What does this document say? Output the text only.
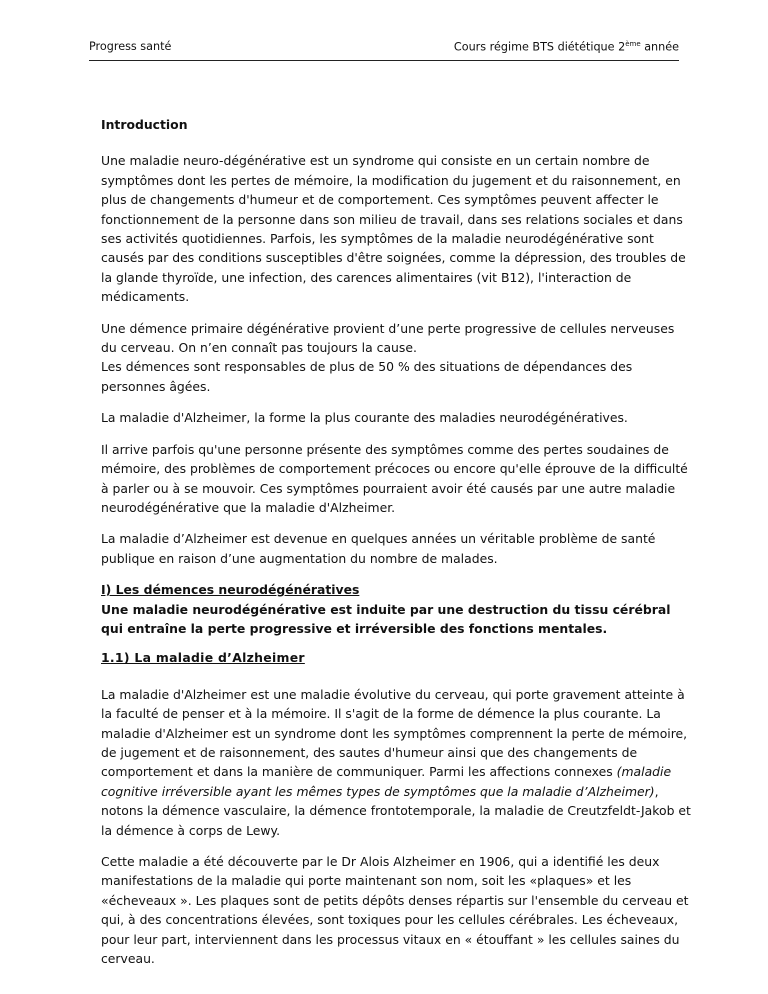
Progress santé	Cours régime BTS diététique 2ème année

Introduction

Une maladie neuro-dégénérative est un syndrome qui consiste en un certain nombre de symptômes dont les pertes de mémoire, la modification du jugement et du raisonnement, en plus de changements d'humeur et de comportement. Ces symptômes peuvent affecter le fonctionnement de la personne dans son milieu de travail, dans ses relations sociales et dans ses activités quotidiennes. Parfois, les symptômes de la maladie neurodégénérative sont causés par des conditions susceptibles d'être soignées, comme la dépression, des troubles de la glande thyroïde, une infection, des carences alimentaires (vit B12), l'interaction de médicaments.

Une démence primaire dégénérative provient d’une perte progressive de cellules nerveuses du cerveau. On n’en connaît pas toujours la cause.
Les démences sont responsables de plus de 50 % des situations de dépendances des personnes âgées.

La maladie d'Alzheimer, la forme la plus courante des maladies neurodégénératives.

Il arrive parfois qu'une personne présente des symptômes comme des pertes soudaines de mémoire, des problèmes de comportement précoces ou encore qu'elle éprouve de la difficulté à parler ou à se mouvoir. Ces symptômes pourraient avoir été causés par une autre maladie neurodégénérative que la maladie d'Alzheimer.

La maladie d’Alzheimer est devenue en quelques années un véritable problème de santé publique en raison d’une augmentation du nombre de malades.

I) Les démences neurodégénératives
Une maladie neurodégénérative est induite par une destruction du tissu cérébral qui entraîne la perte progressive et irréversible des fonctions mentales.

1.1) La maladie d’Alzheimer

La maladie d'Alzheimer est une maladie évolutive du cerveau, qui porte gravement atteinte à la faculté de penser et à la mémoire. Il s'agit de la forme de démence la plus courante. La maladie d'Alzheimer est un syndrome dont les symptômes comprennent la perte de mémoire, de jugement et de raisonnement, des sautes d'humeur ainsi que des changements de comportement et dans la manière de communiquer. Parmi les affections connexes (maladie cognitive irréversible ayant les mêmes types de symptômes que la maladie d’Alzheimer), notons la démence vasculaire, la démence frontotemporale, la maladie de Creutzfeldt-Jakob et la démence à corps de Lewy.

Cette maladie a été découverte par le Dr Alois Alzheimer en 1906, qui a identifié les deux manifestations de la maladie qui porte maintenant son nom, soit les «plaques» et les «écheveaux ». Les plaques sont de petits dépôts denses répartis sur l'ensemble du cerveau et qui, à des concentrations élevées, sont toxiques pour les cellules cérébrales. Les écheveaux, pour leur part, interviennent dans les processus vitaux en « étouffant » les cellules saines du cerveau.
